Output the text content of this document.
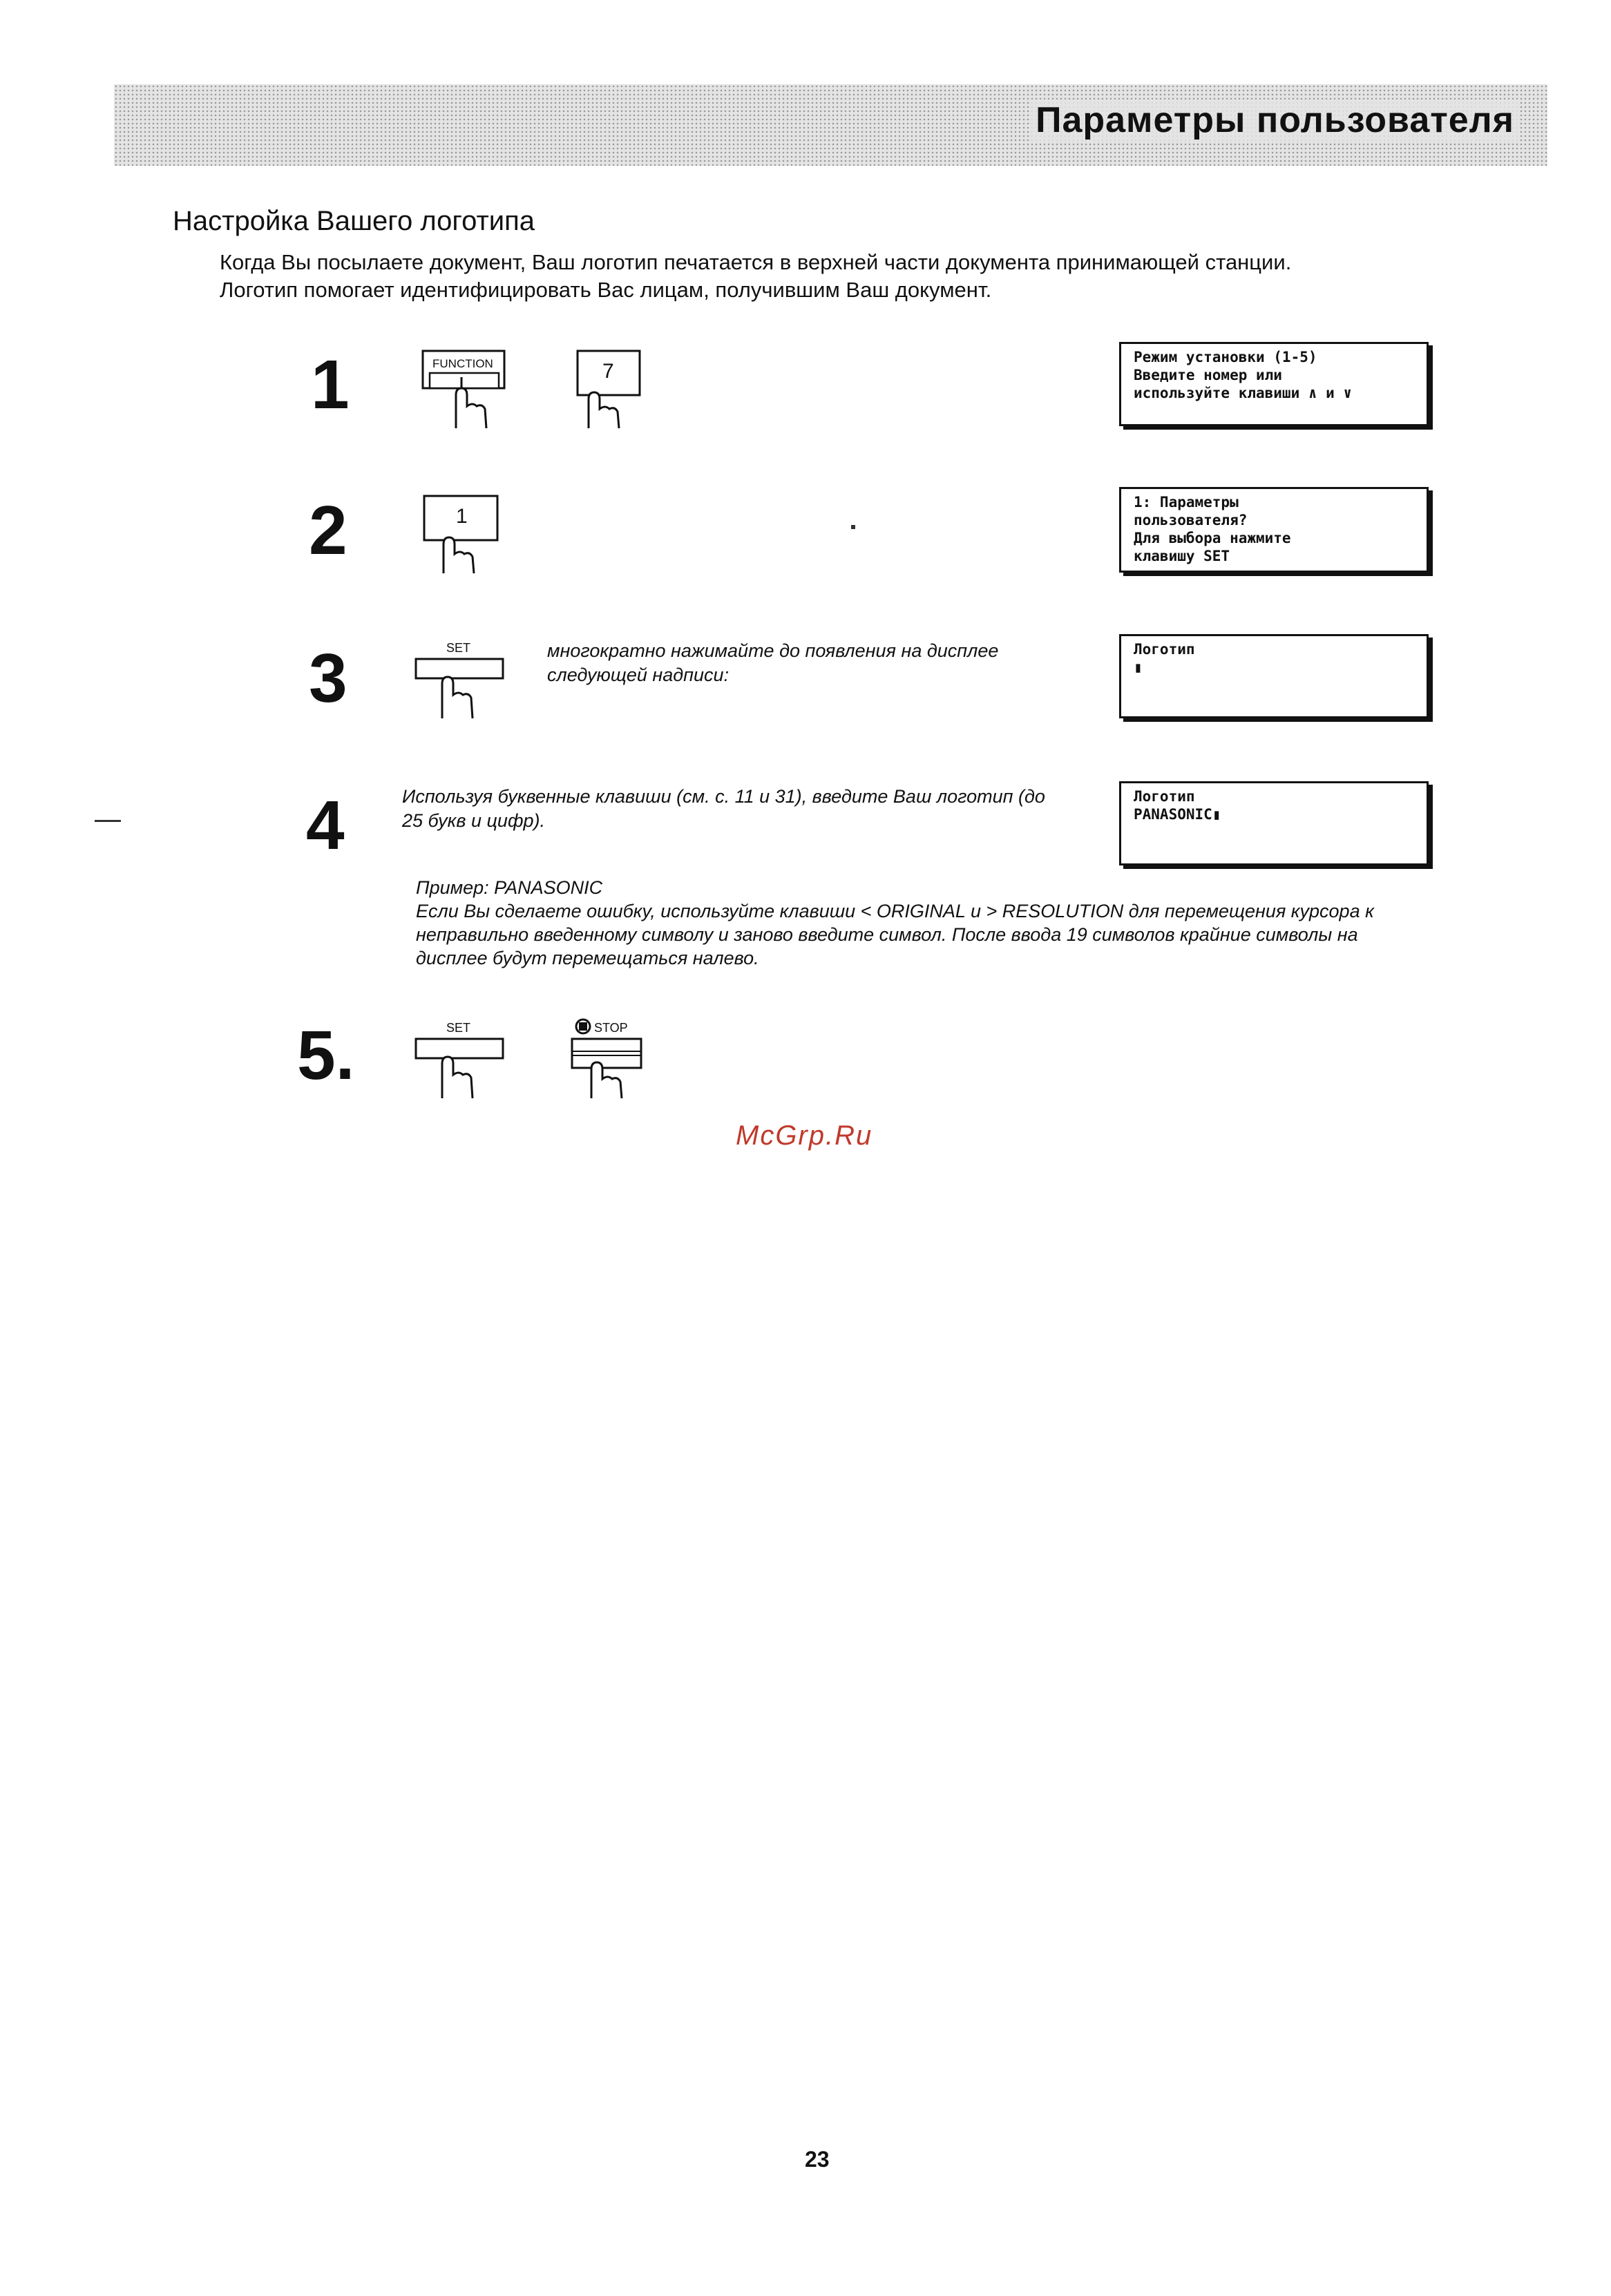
Параметры пользователя
Настройка Вашего логотипа

Когда Вы посылаете документ, Ваш логотип печатается в верхней части документа принимающей станции.

Логотип помогает идентифицировать Вас лицам, получившим Ваш документ.

1	FUNCTION	7
Режим установки (1-5)
Введите номер или
используйте клавиши ∧ и ∨
2	1
1: Параметры
пользователя?
Для выбора нажмите
клавишу SET
3	SET	многократно нажимайте до появления на дисплее
следующей надписи:
Логотип
▮
4	Используя буквенные клавиши (см. с. 11 и 31), введите Ваш логотип (до
25 букв и цифр).
Логотип
PANASONIC▮

Пример: PANASONIC

Если Вы сделаете ошибку, используйте клавиши < ORIGINAL и > RESOLUTION для перемещения курсора к

неправильно введенному символу и заново введите символ. После ввода 19 символов крайние символы на

дисплее будут перемещаться налево.

5.	SET	STOP
McGrp.Ru
23
